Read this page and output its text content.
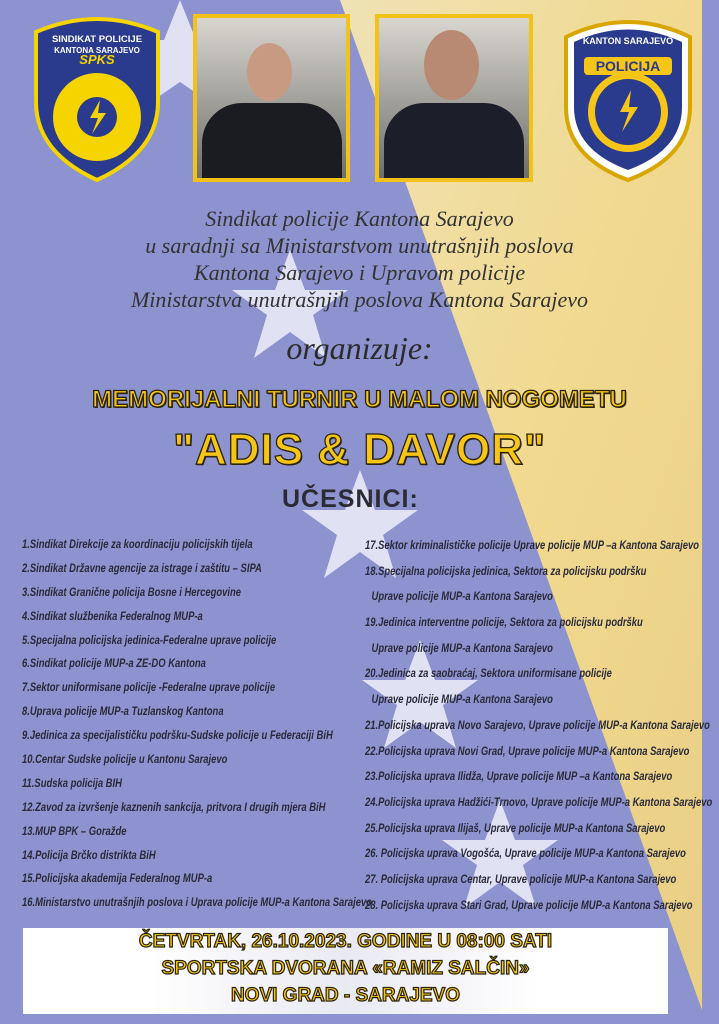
SPKS
SINDIKAT POLICIJE
KANTONA SARAJEVO
POLICIJA
KANTON SARAJEVO
Sindikat policije Kantona Sarajevo
u saradnji sa Ministarstvom unutrašnjih poslova
Kantona Sarajevo i Upravom policije
Ministarstva unutrašnjih poslova Kantona Sarajevo
organizuje:
MEMORIJALNI TURNIR U MALOM NOGOMETU
"ADIS & DAVOR"
UČESNICI:
1.Sindikat Direkcije za koordinaciju policijskih tijela
2.Sindikat Državne agencije za istrage i zaštitu – SIPA
3.Sindikat Granične policija Bosne i Hercegovine
4.Sindikat službenika Federalnog MUP-a
5.Specijalna policijska jedinica-Federalne uprave policije
6.Sindikat policije MUP-a ZE-DO Kantona
7.Sektor uniformisane policije -Federalne uprave policije
8.Uprava policije MUP-a Tuzlanskog Kantona
9.Jedinica za specijalističku podršku-Sudske policije u Federaciji BiH
10.Centar Sudske policije u Kantonu Sarajevo
11.Sudska policija BIH
12.Zavod za izvršenje kaznenih sankcija, pritvora I drugih mjera BiH
13.MUP BPK – Goražde
14.Policija Brčko distrikta BiH
15.Policijska akademija Federalnog MUP-a
16.Ministarstvo unutrašnjih poslova i Uprava policije MUP-a Kantona Sarajevo
17.Sektor kriminalističke policije Uprave policije MUP –a Kantona Sarajevo
18.Specijalna policijska jedinica, Sektora za policijsku podršku
Uprave policije MUP-a Kantona Sarajevo
19.Jedinica interventne policije, Sektora za policijsku podršku
Uprave policije MUP-a Kantona Sarajevo
20.Jedinica za saobraćaj, Sektora uniformisane policije
Uprave policije MUP-a Kantona Sarajevo
21.Policijska uprava Novo Sarajevo, Uprave policije MUP-a Kantona Sarajevo
22.Policijska uprava Novi Grad, Uprave policije MUP-a Kantona Sarajevo
23.Policijska uprava Ilidža, Uprave policije MUP –a Kantona Sarajevo
24.Policijska uprava Hadžići-Trnovo, Uprave policije MUP-a Kantona Sarajevo
25.Policijska uprava Ilijaš, Uprave policije MUP-a Kantona Sarajevo
26. Policijska uprava Vogošća, Uprave policije MUP-a Kantona Sarajevo
27. Policijska uprava Centar, Uprave policije MUP-a Kantona Sarajevo
28. Policijska uprava Stari Grad, Uprave policije MUP-a Kantona Sarajevo
ČETVRTAK, 26.10.2023. GODINE U 08:00 SATI
SPORTSKA DVORANA «RAMIZ SALČIN»
NOVI GRAD - SARAJEVO
